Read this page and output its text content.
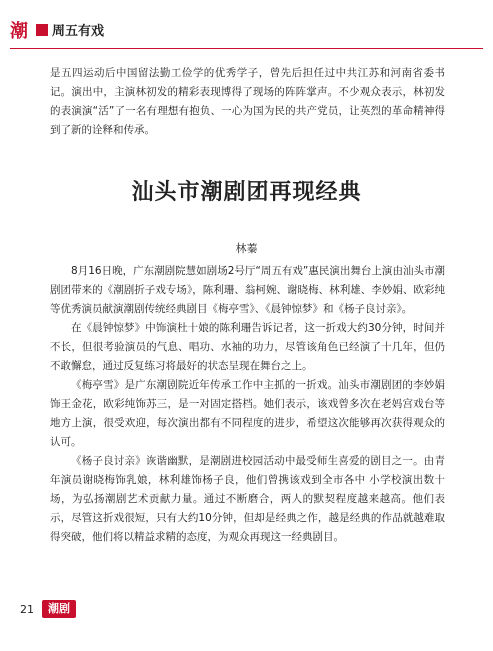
潮 周五有戏

是五四运动后中国留法勤工俭学的优秀学子，曾先后担任过中共江苏和河南省委书记。演出中，主演林初发的精彩表现博得了现场的阵阵掌声。不少观众表示，林初发的表演演“活”了一名有理想有抱负、一心为国为民的共产党员，让英烈的革命精神得到了新的诠释和传承。

汕头市潮剧团再现经典
林蓁

8月16日晚，广东潮剧院慧如剧场2号厅“周五有戏”惠民演出舞台上演由汕头市潮剧团带来的《潮剧折子戏专场》，陈利珊、翁柯婉、谢晓梅、林利雄、李妙娟、欧彩纯等优秀演员献演潮剧传统经典剧目《梅亭雪》、《晨钟惊梦》和《杨子良讨亲》。

在《晨钟惊梦》中饰演杜十娘的陈利珊告诉记者，这一折戏大约30分钟，时间并不长，但很考验演员的气息、唱功、水袖的功力，尽管该角色已经演了十几年，但仍不敢懈怠，通过反复练习将最好的状态呈现在舞台之上。

《梅亭雪》是广东潮剧院近年传承工作中主抓的一折戏。汕头市潮剧团的李妙娟饰王金花，欧彩纯饰苏三，是一对固定搭档。她们表示，该戏曾多次在老妈宫戏台等地方上演，很受欢迎，每次演出都有不同程度的进步，希望这次能够再次获得观众的认可。

《杨子良讨亲》诙谐幽默，是潮剧进校园活动中最受师生喜爱的剧目之一。由青年演员谢晓梅饰乳娘，林利雄饰杨子良，他们曾携该戏到全市各中 小学校演出数十场，为弘扬潮剧艺术贡献力量。通过不断磨合，两人的默契程度越来越高。他们表示，尽管这折戏很短，只有大约10分钟，但却是经典之作，越是经典的作品就越难取得突破，他们将以精益求精的态度，为观众再现这一经典剧目。

21	潮剧
